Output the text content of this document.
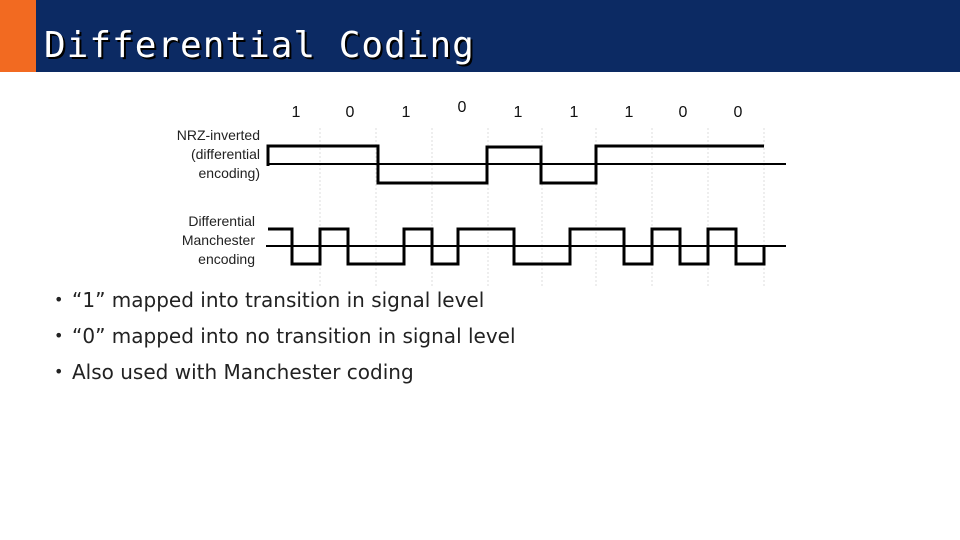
Differential Coding
1	0	1	0	1	1	1	0	0
NRZ-inverted
(differential
encoding)
Differential
Manchester
encoding
• “1” mapped into transition in signal level
• “0” mapped into no transition in signal level
• Also used with Manchester coding
